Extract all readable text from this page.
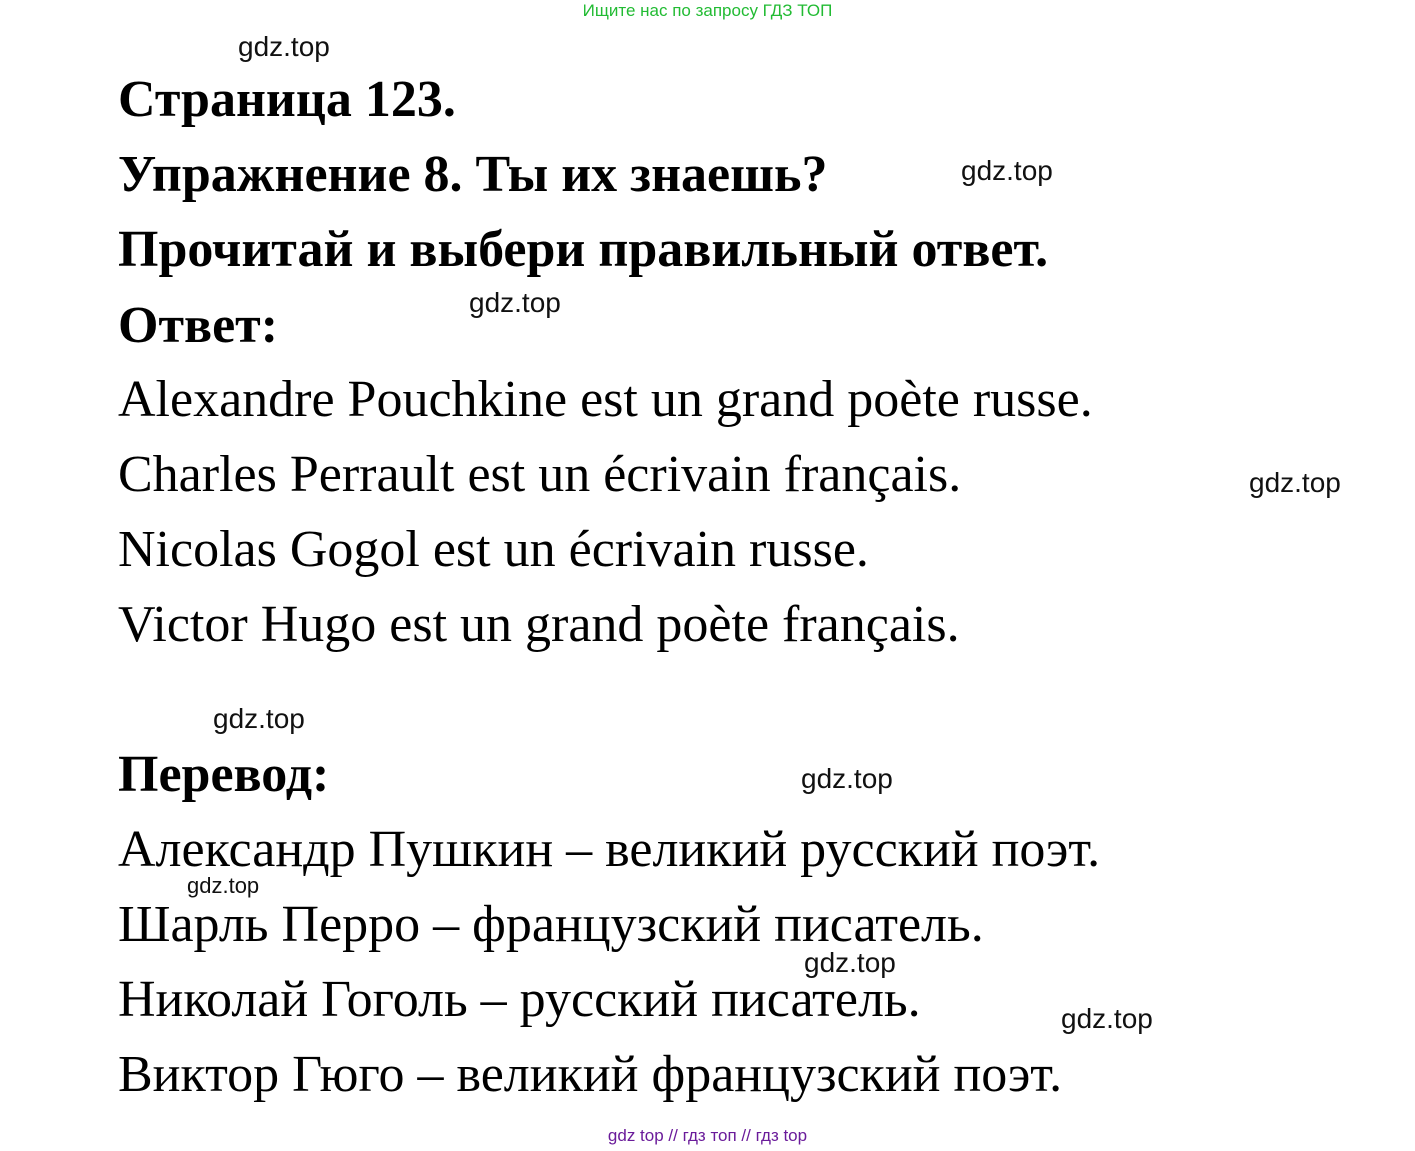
Ищите нас по запросу ГДЗ ТОП
gdz.top
Страница 123.
Упражнение 8. Ты их знаешь?	gdz.top
Прочитай и выбери правильный ответ.
gdz.top
Ответ:
Alexandre Pouchkine est un grand poète russe.
Charles Perrault est un écrivain français.	gdz.top
Nicolas Gogol est un écrivain russe.
Victor Hugo est un grand poète français.
gdz.top
Перевод:	gdz.top
Александр Пушкин – великий русский поэт.
gdz.top
Шарль Перро – французский писатель.
gdz.top
Николай Гоголь – русский писатель.	gdz.top
Виктор Гюго – великий французский поэт.
gdz top // гдз топ // гдз top
